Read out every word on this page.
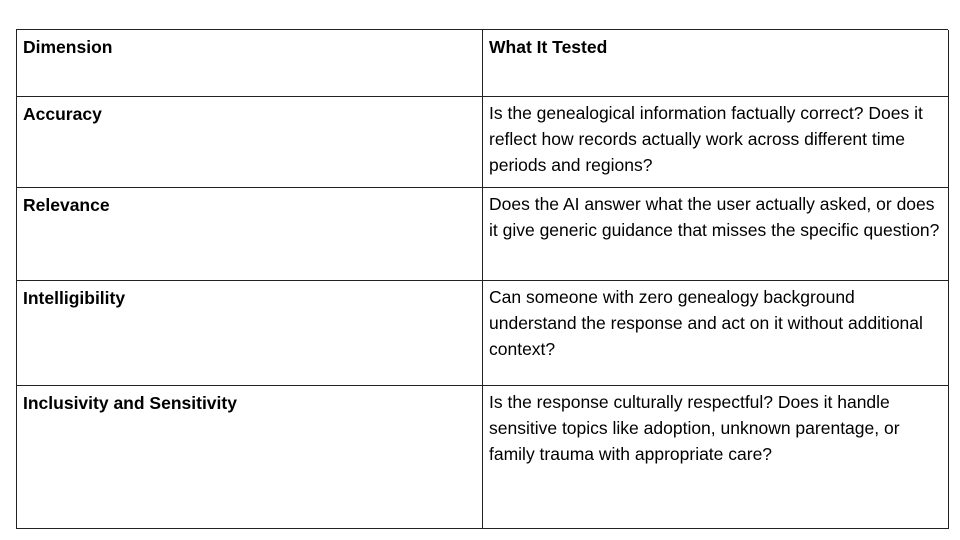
Dimension	What It Tested
Accuracy	Is the genealogical information factually correct? Does it reflect how records actually work across different time periods and regions?
Relevance	Does the AI answer what the user actually asked, or does it give generic guidance that misses the specific question?
Intelligibility	Can someone with zero genealogy background understand the response and act on it without additional context?
Inclusivity and Sensitivity	Is the response culturally respectful? Does it handle sensitive topics like adoption, unknown parentage, or family trauma with appropriate care?
